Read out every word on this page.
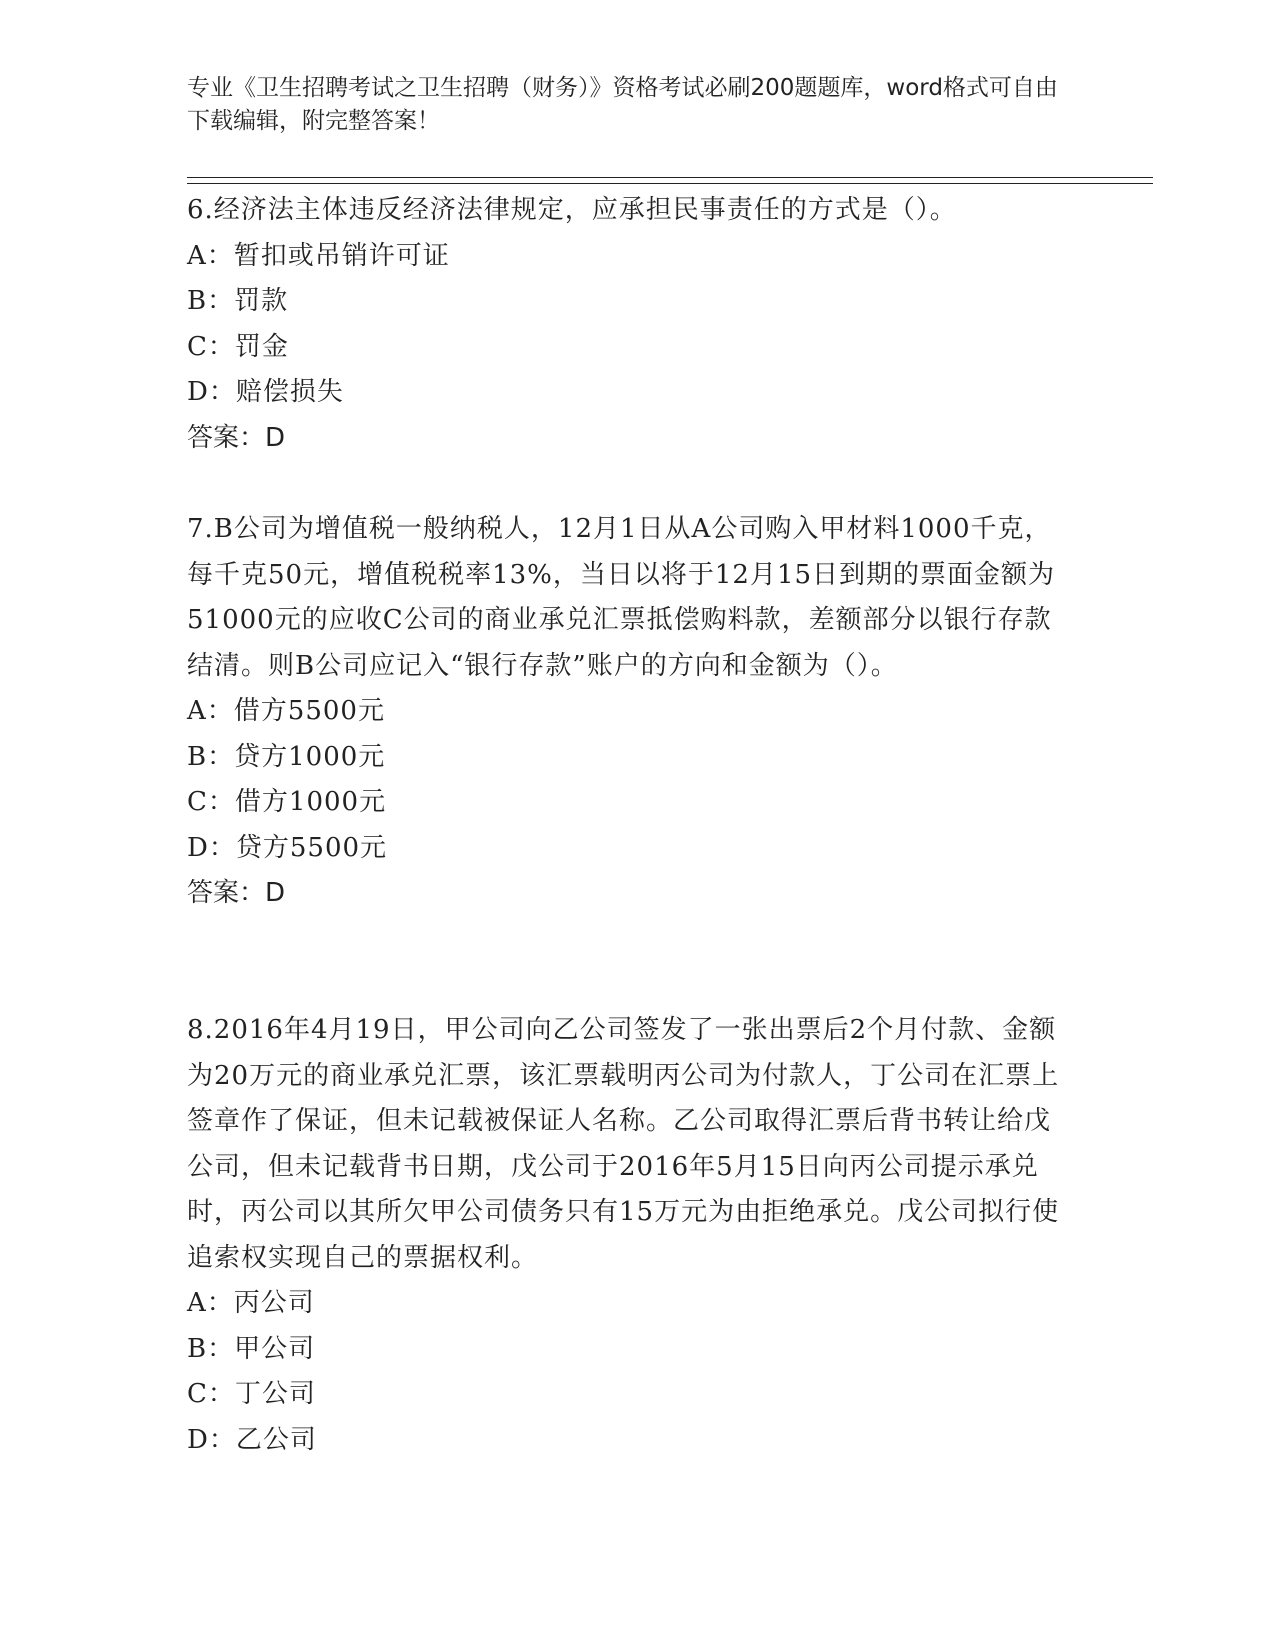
专业《卫生招聘考试之卫生招聘（财务）》资格考试必刷200题题库，word格式可自由下载编辑，附完整答案！

6.经济法主体违反经济法律规定，应承担民事责任的方式是（）。

A： 暂扣或吊销许可证

B： 罚款

C： 罚金

D： 赔偿损失

答案： D

7.B公司为增值税一般纳税人，12月1日从A公司购入甲材料1000千克，每千克50元，增值税税率13%，当日以将于12月15日到期的票面金额为51000元的应收C公司的商业承兑汇票抵偿购料款，差额部分以银行存款结清。则B公司应记入“银行存款”账户的方向和金额为（）。

A： 借方5500元

B： 贷方1000元

C： 借方1000元

D： 贷方5500元

答案： D

8.2016年4月19日，甲公司向乙公司签发了一张出票后2个月付款、金额为20万元的商业承兑汇票，该汇票载明丙公司为付款人，丁公司在汇票上签章作了保证，但未记载被保证人名称。乙公司取得汇票后背书转让给戊公司，但未记载背书日期，戊公司于2016年5月15日向丙公司提示承兑时，丙公司以其所欠甲公司债务只有15万元为由拒绝承兑。戊公司拟行使追索权实现自己的票据权利。

A： 丙公司

B： 甲公司

C： 丁公司

D： 乙公司
